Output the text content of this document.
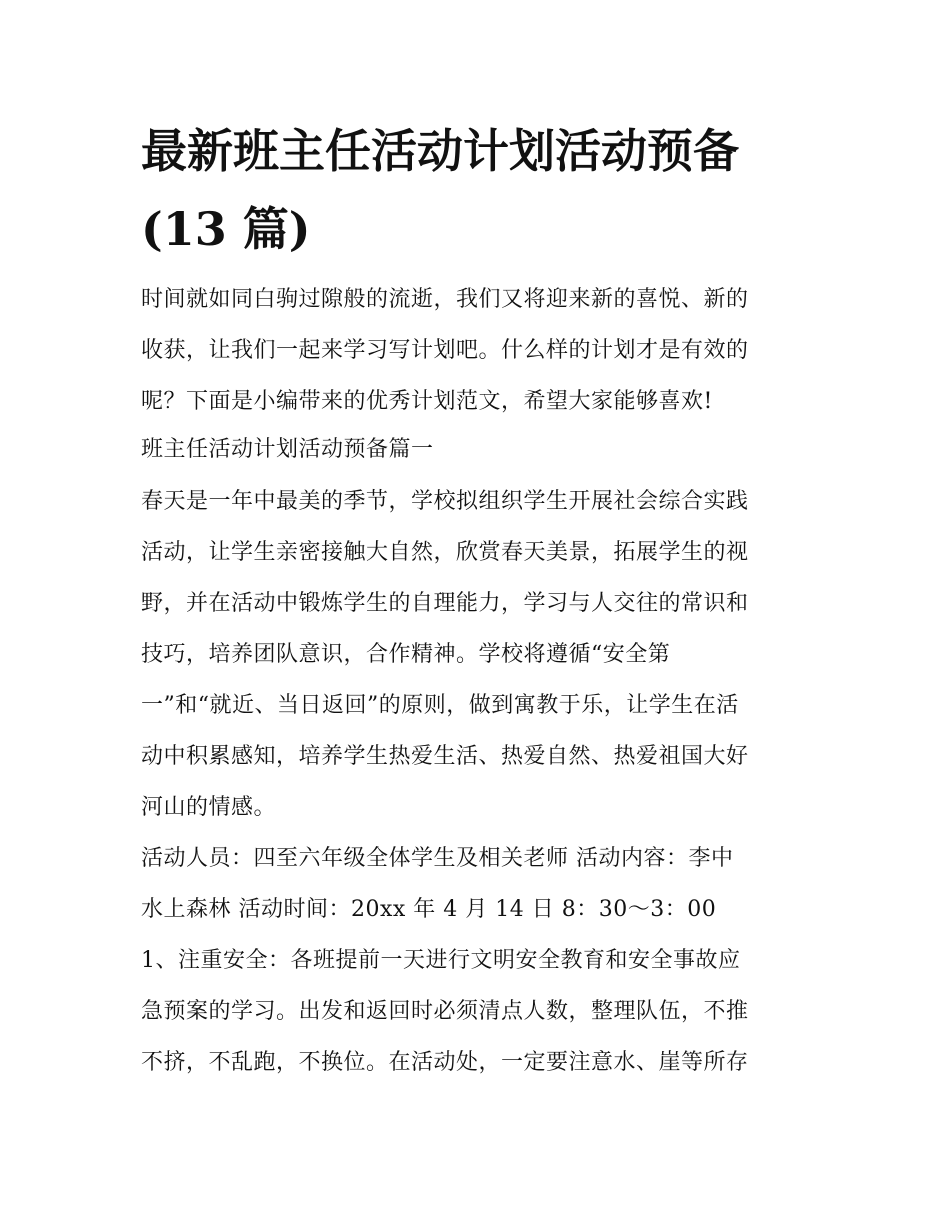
最新班主任活动计划活动预备
(13 篇)

时间就如同白驹过隙般的流逝，我们又将迎来新的喜悦、新的

收获，让我们一起来学习写计划吧。什么样的计划才是有效的

呢？下面是小编带来的优秀计划范文，希望大家能够喜欢!

班主任活动计划活动预备篇一

春天是一年中最美的季节，学校拟组织学生开展社会综合实践

活动，让学生亲密接触大自然，欣赏春天美景，拓展学生的视

野，并在活动中锻炼学生的自理能力，学习与人交往的常识和

技巧，培养团队意识，合作精神。学校将遵循“安全第

一”和“就近、当日返回”的原则，做到寓教于乐，让学生在活

动中积累感知，培养学生热爱生活、热爱自然、热爱祖国大好

河山的情感。

活动人员：四至六年级全体学生及相关老师 活动内容：李中

水上森林 活动时间：20xx 年 4 月 14 日 8：30～3：00

1、注重安全：各班提前一天进行文明安全教育和安全事故应

急预案的学习。出发和返回时必须清点人数，整理队伍，不推

不挤，不乱跑，不换位。在活动处，一定要注意水、崖等所存
